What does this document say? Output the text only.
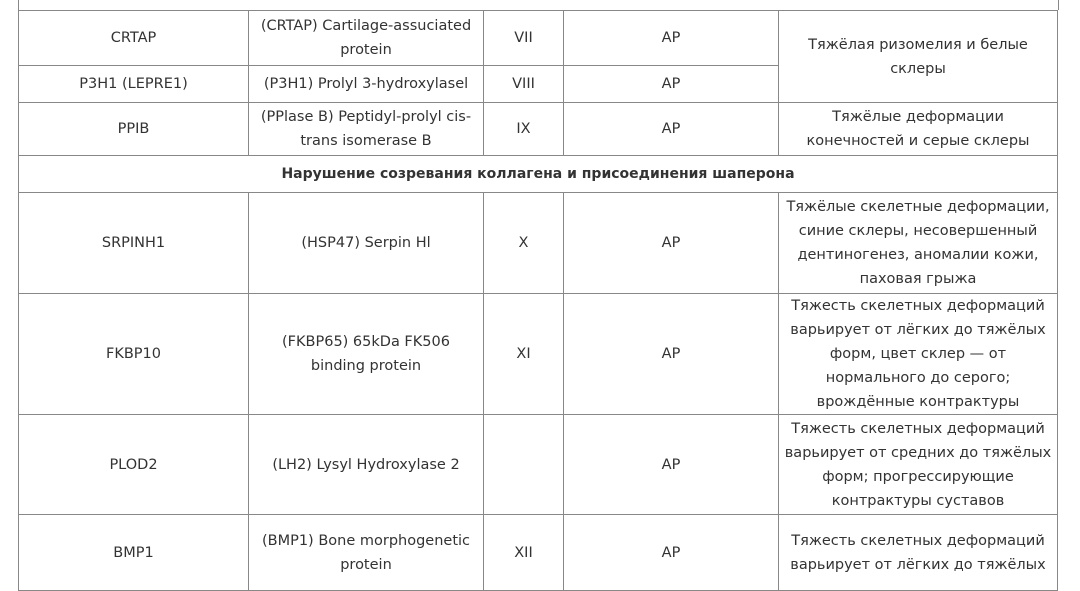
CRTAP	(CRTAP) Cartilage-assuciated protein	VII	АР	Тяжёлая ризомелия и белые склеры
P3H1 (LEPRE1)	(P3H1) Prolyl 3-hydroxylasel	VIII	АР	
PPIB	(PPlase B) Peptidyl-prolyl cis-trans isomerase B	IX	АР	Тяжёлые деформации конечностей и серые склеры
Нарушение созревания коллагена и присоединения шаперона				
SRPINH1	(HSP47) Serpin Hl	X	АР	Тяжёлые скелетные деформации, синие склеры, несовершенный дентиногенез, аномалии кожи, паховая грыжа
FKBP10	(FKBP65) 65kDa FK506 binding protein	XI	АР	Тяжесть скелетных деформаций варьирует от лёгких до тяжёлых форм, цвет склер — от нормального до серого; врождённые контрактуры
PLOD2	(LH2) Lysyl Hydroxylase 2		АР	Тяжесть скелетных деформаций варьирует от средних до тяжёлых форм; прогрессирующие контрактуры суставов
BMP1	(BMP1) Bone morphogenetic protein	XII	АР	Тяжесть скелетных деформаций варьирует от лёгких до тяжёлых
